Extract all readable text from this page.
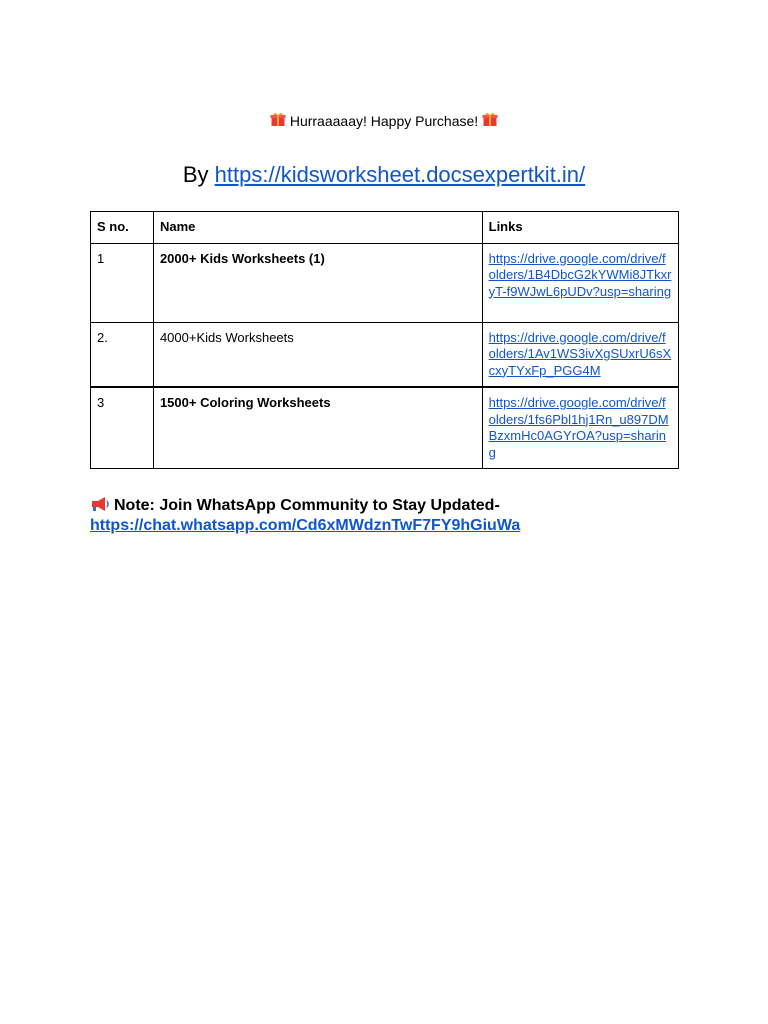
Hurraaaaay! Happy Purchase!
By https://kidsworksheet.docsexpertkit.in/
S no.	Name	Links
1	2000+ Kids Worksheets (1)	https://drive.google.com/drive/folders/1B4DbcG2kYWMi8JTkxryT-f9WJwL6pUDv?usp=sharing
2.	4000+Kids Worksheets	https://drive.google.com/drive/folders/1Av1WS3ivXgSUxrU6sXcxyTYxFp_PGG4M
3	1500+ Coloring Worksheets	https://drive.google.com/drive/folders/1fs6Pbl1hj1Rn_u897DMBzxmHc0AGYrOA?usp=sharing
Note: Join WhatsApp Community to Stay Updated-
https://chat.whatsapp.com/Cd6xMWdznTwF7FY9hGiuWa
